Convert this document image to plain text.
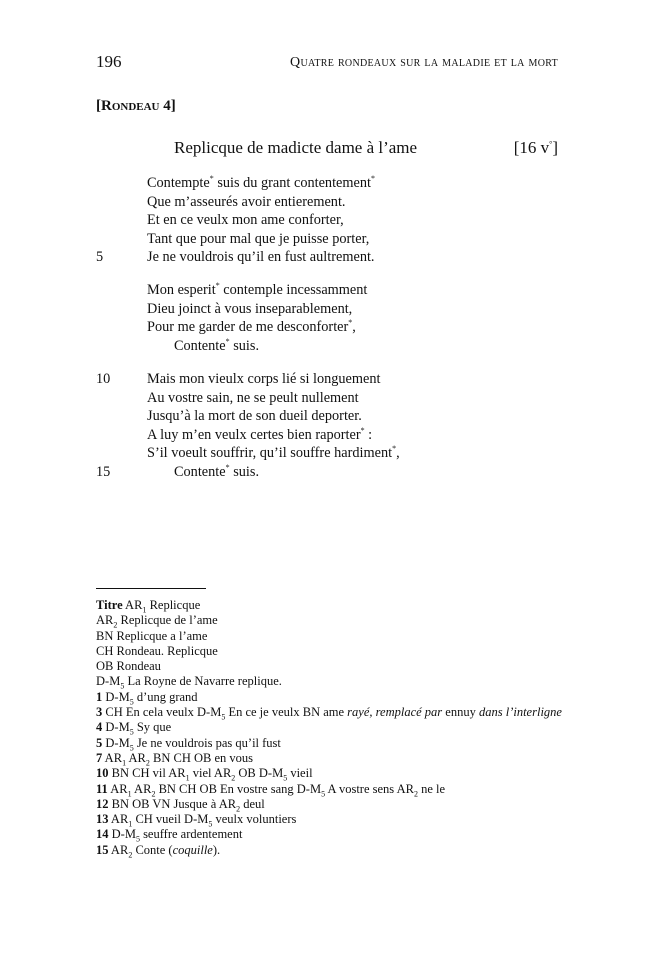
196	Quatre rondeaux sur la maladie et la mort
[Rondeau 4]
Replicque de madicte dame à l’ame	[16 v°]
Contempte* suis du grant contentement*
Que m’asseurés avoir entierement.
Et en ce veulx mon ame conforter,
Tant que pour mal que je puisse porter,
5	Je ne vouldrois qu’il en fust aultrement.
Mon esperit* contemple incessamment
Dieu joinct à vous inseparablement,
Pour me garder de me desconforter*,
Contente* suis.
10	Mais mon vieulx corps lié si longuement
Au vostre sain, ne se peult nullement
Jusqu’à la mort de son dueil deporter.
A luy m’en veulx certes bien raporter* :
S’il voeult souffrir, qu’il souffre hardiment*,
15	Contente* suis.

Titre $AR_1$ Replicque

$AR_2$ Replicque de l’ame

BN Replicque a l’ame

CH Rondeau. Replicque

OB Rondeau

$D-M_5$ La Royne de Navarre replique.

1 $D-M_5$ d’ung grand

3 CH En cela veulx $D-M_5$ En ce je veulx BN ame rayé, remplacé par ennuy dans l’interligne

4 $D-M_5$ Sy que

5 $D-M_5$ Je ne vouldrois pas qu’il fust

7 $AR_1$ $AR_2$ BN CH OB en vous

10 BN CH vil $AR_1$ viel $AR_2$ OB $D-M_5$ vieil

11 $AR_1$ $AR_2$ BN CH OB En vostre sang $D-M_5$ A vostre sens $AR_2$ ne le

12 BN OB VN Jusque à $AR_2$ deul

13 $AR_1$ CH vueil $D-M_5$ veulx voluntiers

14 $D-M_5$ seuffre ardentement

15 $AR_2$ Conte (coquille).
